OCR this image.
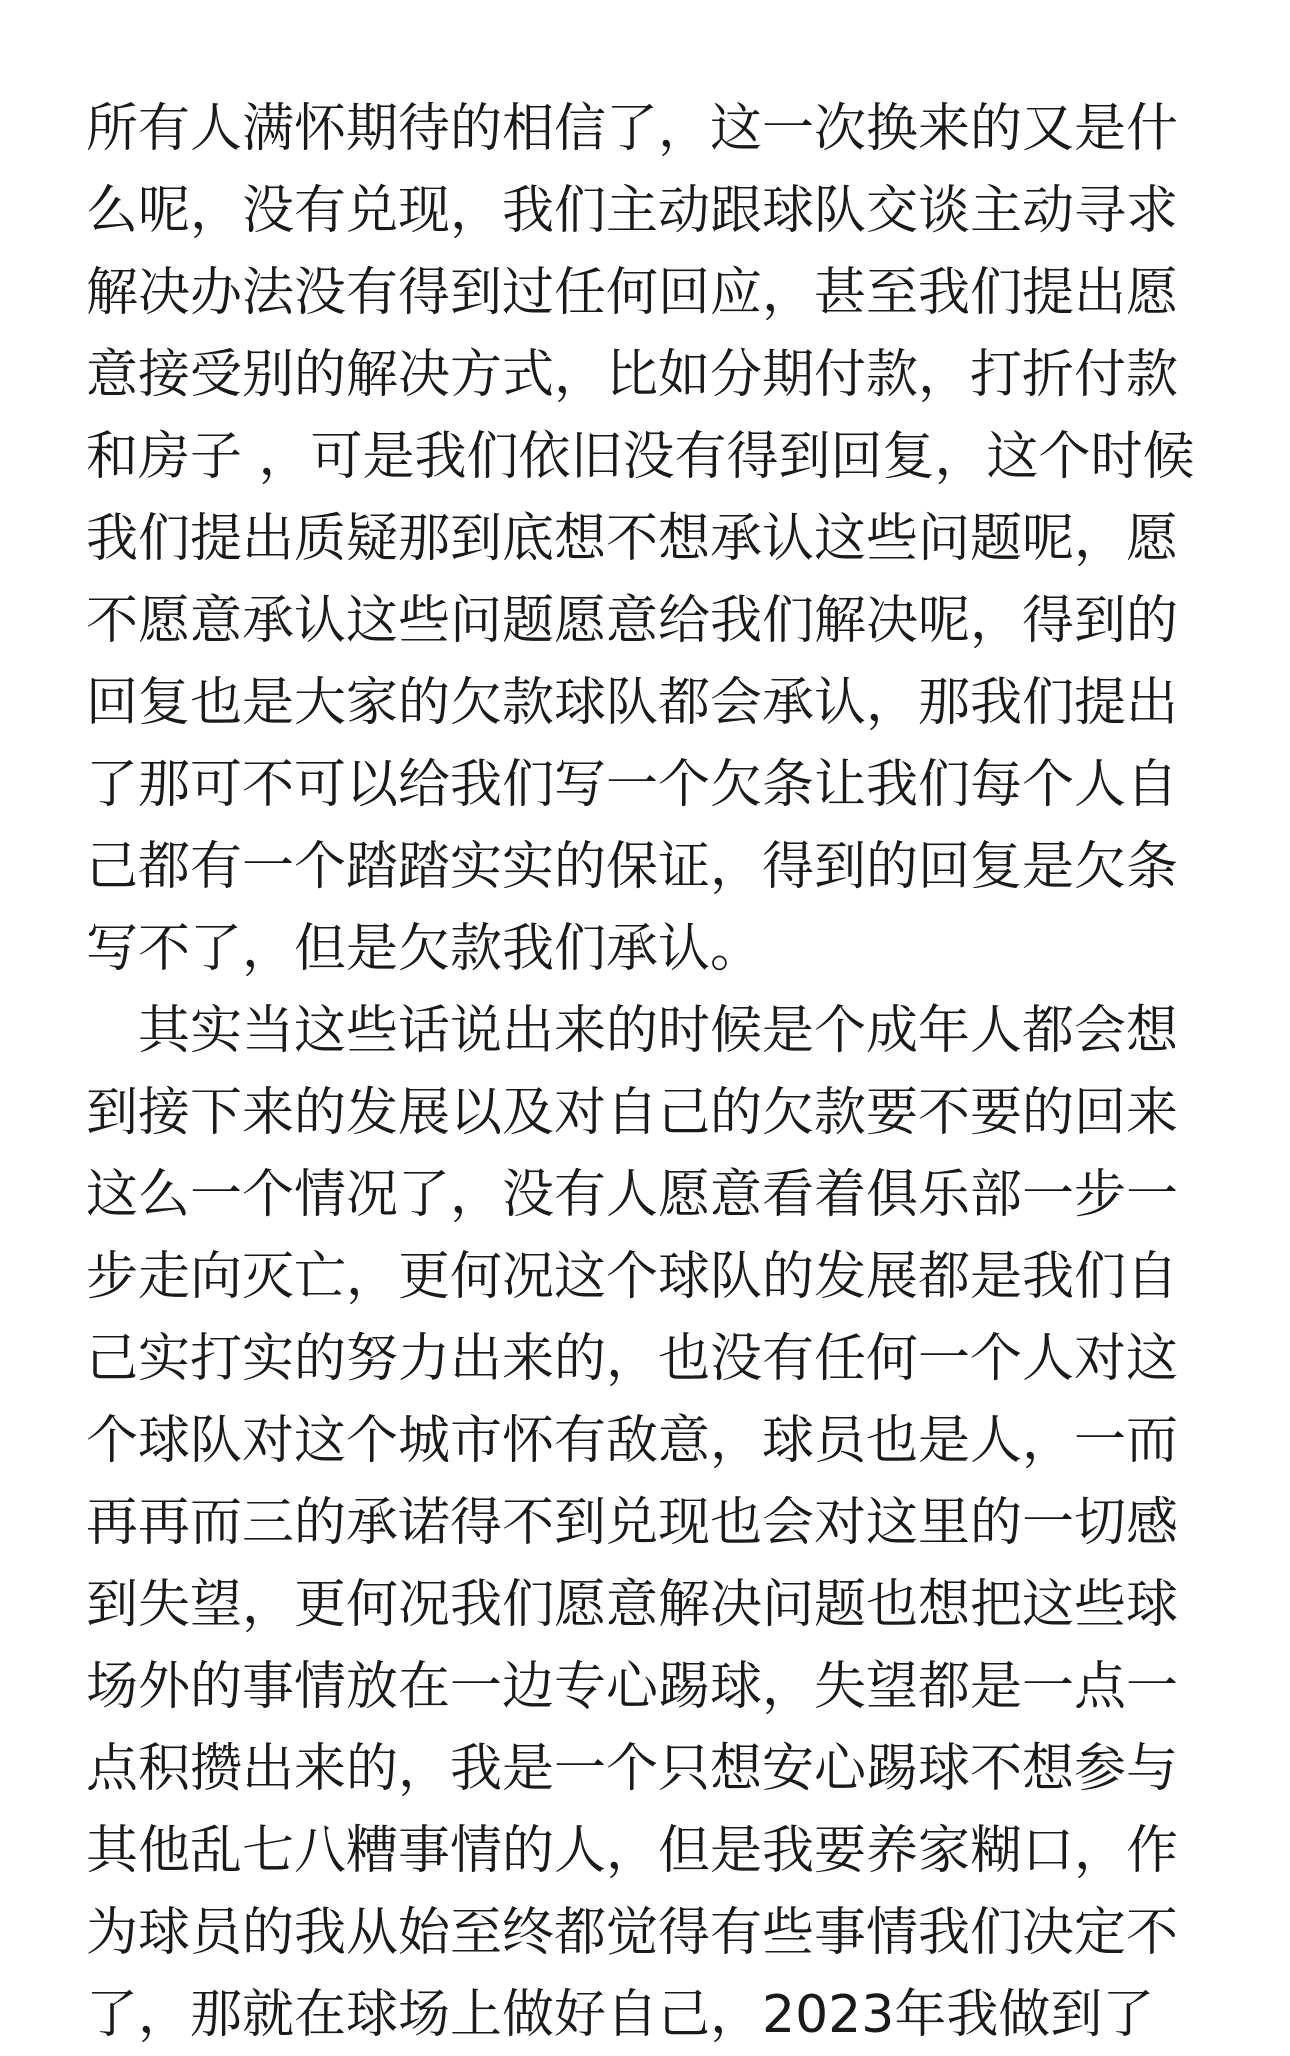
所有人满怀期待的相信了，这一次换来的又是什
么呢，没有兑现，我们主动跟球队交谈主动寻求
解决办法没有得到过任何回应，甚至我们提出愿
意接受别的解决方式，比如分期付款，打折付款
和房子 ，可是我们依旧没有得到回复，这个时候
我们提出质疑那到底想不想承认这些问题呢，愿
不愿意承认这些问题愿意给我们解决呢，得到的
回复也是大家的欠款球队都会承认，那我们提出
了那可不可以给我们写一个欠条让我们每个人自
己都有一个踏踏实实的保证，得到的回复是欠条
写不了，但是欠款我们承认。
　其实当这些话说出来的时候是个成年人都会想
到接下来的发展以及对自己的欠款要不要的回来
这么一个情况了，没有人愿意看着俱乐部一步一
步走向灭亡，更何况这个球队的发展都是我们自
己实打实的努力出来的，也没有任何一个人对这
个球队对这个城市怀有敌意，球员也是人，一而
再再而三的承诺得不到兑现也会对这里的一切感
到失望，更何况我们愿意解决问题也想把这些球
场外的事情放在一边专心踢球，失望都是一点一
点积攒出来的，我是一个只想安心踢球不想参与
其他乱七八糟事情的人，但是我要养家糊口，作
为球员的我从始至终都觉得有些事情我们决定不
了，那就在球场上做好自己，2023年我做到了
